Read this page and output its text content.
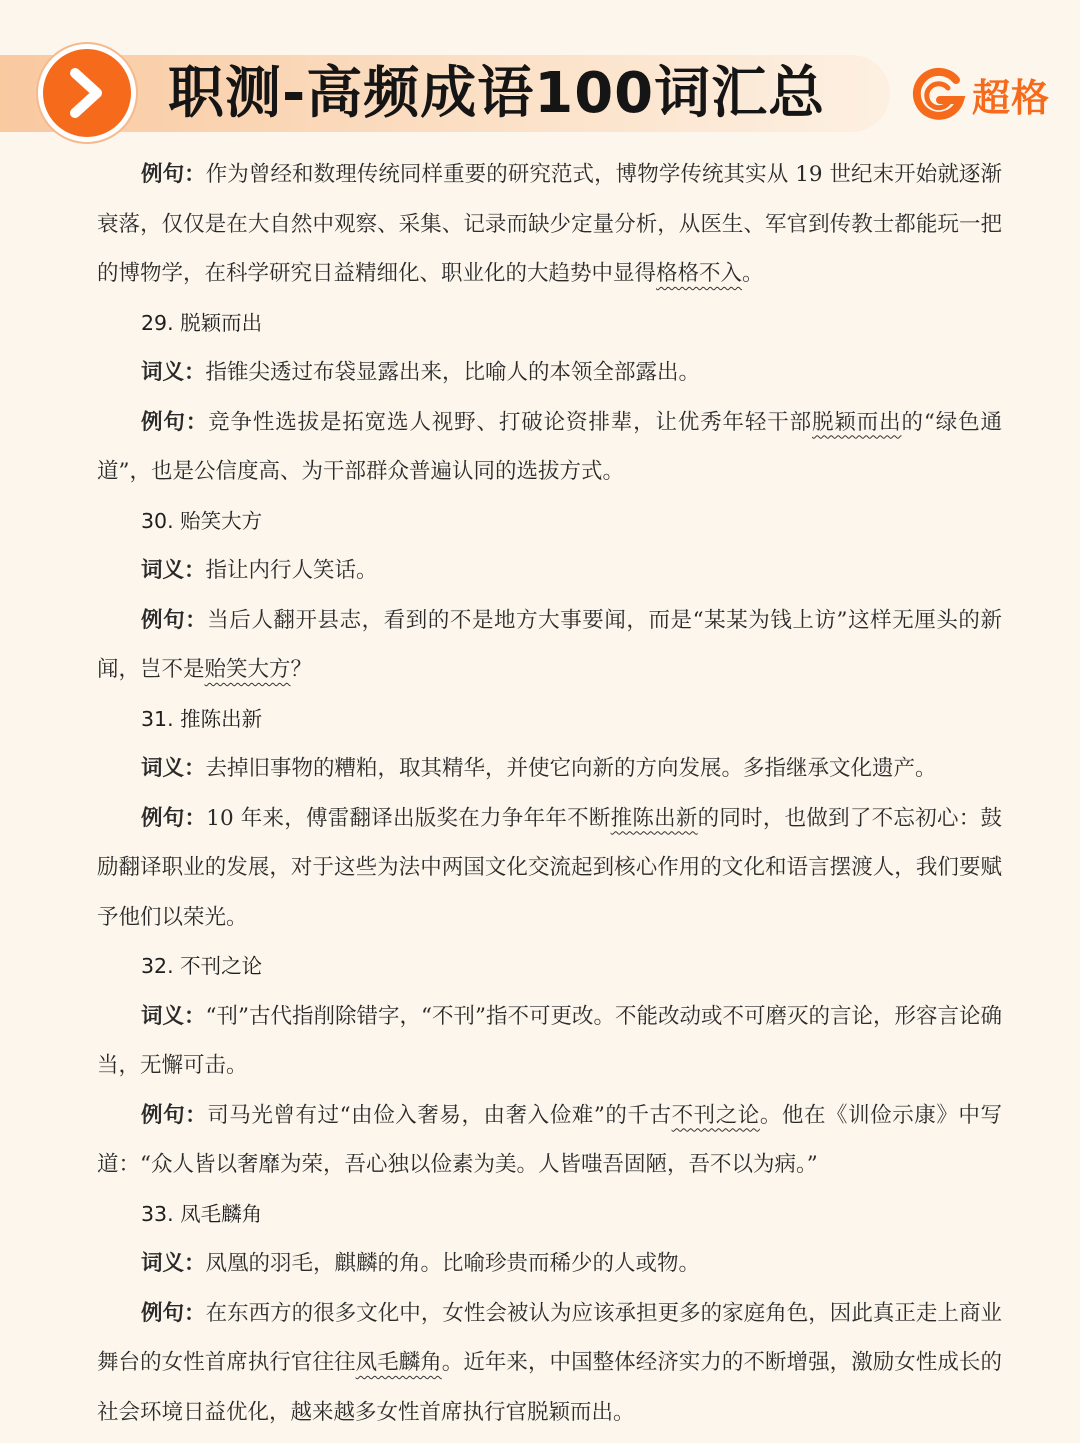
职测-高频成语100词汇总	超格

例句：作为曾经和数理传统同样重要的研究范式，博物学传统其实从 19 世纪末开始就逐渐衰落，仅仅是在大自然中观察、采集、记录而缺少定量分析，从医生、军官到传教士都能玩一把的博物学，在科学研究日益精细化、职业化的大趋势中显得格格不入。

29. 脱颖而出

词义：指锥尖透过布袋显露出来，比喻人的本领全部露出。

例句：竞争性选拔是拓宽选人视野、打破论资排辈，让优秀年轻干部脱颖而出的“绿色通道”，也是公信度高、为干部群众普遍认同的选拔方式。

30. 贻笑大方

词义：指让内行人笑话。

例句：当后人翻开县志，看到的不是地方大事要闻，而是“某某为钱上访”这样无厘头的新闻，岂不是贻笑大方？

31. 推陈出新

词义：去掉旧事物的糟粕，取其精华，并使它向新的方向发展。多指继承文化遗产。

例句：10 年来，傅雷翻译出版奖在力争年年不断推陈出新的同时，也做到了不忘初心：鼓励翻译职业的发展，对于这些为法中两国文化交流起到核心作用的文化和语言摆渡人，我们要赋予他们以荣光。

32. 不刊之论

词义：“刊”古代指削除错字，“不刊”指不可更改。不能改动或不可磨灭的言论，形容言论确当，无懈可击。

例句：司马光曾有过“由俭入奢易，由奢入俭难”的千古不刊之论。他在《训俭示康》中写道：“众人皆以奢靡为荣，吾心独以俭素为美。人皆嗤吾固陋，吾不以为病。”

33. 凤毛麟角

词义：凤凰的羽毛，麒麟的角。比喻珍贵而稀少的人或物。

例句：在东西方的很多文化中，女性会被认为应该承担更多的家庭角色，因此真正走上商业舞台的女性首席执行官往往凤毛麟角。近年来，中国整体经济实力的不断增强，激励女性成长的社会环境日益优化，越来越多女性首席执行官脱颖而出。
